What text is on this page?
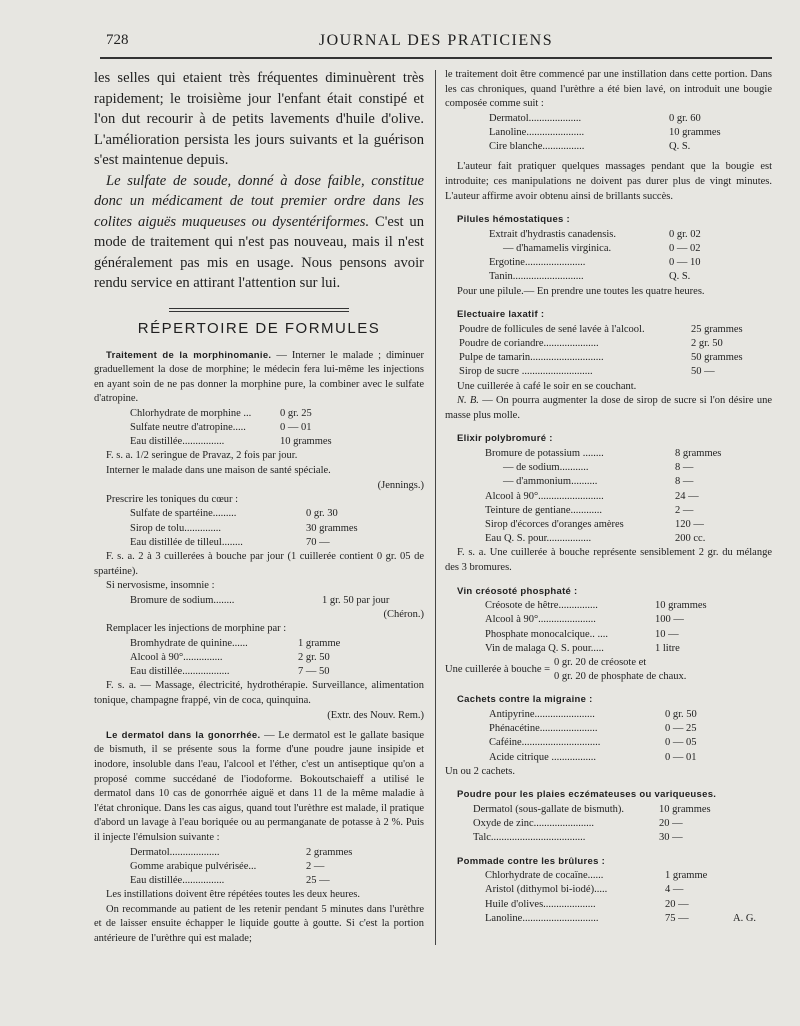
728	JOURNAL DES PRATICIENS

les selles qui etaient très fréquentes diminuèrent très rapidement; le troisième jour l'enfant était constipé et l'on dut recourir à de petits lavements d'huile d'olive. L'amélioration persista les jours suivants et la guérison s'est maintenue depuis.

Le sulfate de soude, donné à dose faible, constitue donc un médicament de tout premier ordre dans les colites aiguës muqueuses ou dysentériformes. C'est un mode de traitement qui n'est pas nouveau, mais il n'est généralement pas mis en usage. Nous pensons avoir rendu service en attirant l'attention sur lui.

RÉPERTOIRE DE FORMULES

Traitement de la morphinomanie. — Interner le malade ; diminuer graduellement la dose de morphine; le médecin fera lui-même les injections en ayant soin de ne pas donner la morphine pure, la combiner avec le sulfate d'atropine.

Chlorhydrate de morphine ...	0 gr. 25
Sulfate neutre d'atropine.....	0 — 01
Eau distillée................	10 grammes

F. s. a. 1/2 seringue de Pravaz, 2 fois par jour.

Interner le malade dans une maison de santé spéciale.

(Jennings.)

Prescrire les toniques du cœur :

Sulfate de spartéine.........	0 gr. 30
Sirop de tolu..............	30 grammes
Eau distillée de tilleul........	70 —

F. s. a. 2 à 3 cuillerées à bouche par jour (1 cuillerée contient 0 gr. 05 de spartéine).

Si nervosisme, insomnie :

Bromure de sodium........	1 gr. 50 par jour

(Chéron.)

Remplacer les injections de morphine par :

Bromhydrate de quinine......	1 gramme
Alcool à 90°...............	2 gr. 50
Eau distillée..................	7 — 50

F. s. a. — Massage, électricité, hydrothérapie. Surveillance, alimentation tonique, champagne frappé, vin de coca, quinquina.

(Extr. des Nouv. Rem.)

Le dermatol dans la gonorrhée. — Le dermatol est le gallate basique de bismuth, il se présente sous la forme d'une poudre jaune insipide et inodore, insoluble dans l'eau, l'alcool et l'éther, c'est un antiseptique qu'on a proposé comme succédané de l'iodoforme. Bokoutschaieff a utilisé le dermatol dans 10 cas de gonorrhée aiguë et dans 11 de la même maladie à l'état chronique. Dans les cas aigus, quand tout l'urèthre est malade, il pratique d'abord un lavage à l'eau boriquée ou au permanganate de potasse à 2 %. Puis il injecte l'émulsion suivante :

Dermatol...................	2 grammes
Gomme arabique pulvérisée...	2 —
Eau distillée................	25 —

Les instillations doivent être répétées toutes les deux heures.

On recommande au patient de les retenir pendant 5 minutes dans l'urèthre et de laisser ensuite échapper le liquide goutte à goutte. Si c'est la portion antérieure de l'urèthre qui est malade;

le traitement doit être commencé par une instillation dans cette portion. Dans les cas chroniques, quand l'urèthre a été bien lavé, on introduit une bougie composée comme suit :

Dermatol....................	0 gr. 60
Lanoline......................	10 grammes
Cire blanche................	Q. S.

L'auteur fait pratiquer quelques massages pendant que la bougie est introduite; ces manipulations ne doivent pas durer plus de vingt minutes. L'auteur affirme avoir obtenu ainsi de brillants succès.

Pilules hémostatiques :

Extrait d'hydrastis canadensis.	0 gr. 02
— d'hamamelis virginica.	0 — 02
Ergotine.......................	0 — 10
Tanin...........................	Q. S.

Pour une pilule.— En prendre une toutes les quatre heures.

Electuaire laxatif :

Poudre de follicules de sené lavée à l'alcool.	25 grammes
Poudre de coriandre.....................	2 gr. 50
Pulpe de tamarin............................	50 grammes
Sirop de sucre ...........................	50 —

Une cuillerée à café le soir en se couchant.

N. B. — On pourra augmenter la dose de sirop de sucre si l'on désire une masse plus molle.

Elixir polybromuré :

Bromure de potassium ........	8 grammes
— de sodium...........	8 —
— d'ammonium..........	8 —
Alcool à 90°.........................	24 —
Teinture de gentiane............	2 —
Sirop d'écorces d'oranges amères	120 —
Eau Q. S. pour.................	200 cc.

F. s. a. Une cuillerée à bouche représente sensiblement 2 gr. du mélange des 3 bromures.

Vin créosoté phosphaté :

Créosote de hêtre...............	10 grammes
Alcool à 90°......................	100 —
Phosphate monocalcique.. ....	10 —
Vin de malaga Q. S. pour.....	1 litre
Une cuillerée à bouche =
0 gr. 20 de créosote et
0 gr. 20 de phosphate de chaux.

Cachets contre la migraine :

Antipyrine.......................	0 gr. 50
Phénacétine......................	0 — 25
Caféine..............................	0 — 05
Acide citrique .................	0 — 01

Un ou 2 cachets.

Poudre pour les plaies eczémateuses ou variqueuses.

Dermatol (sous-gallate de bismuth).	10 grammes
Oxyde de zinc.......................	20 —
Talc....................................	30 —

Pommade contre les brûlures :

Chlorhydrate de cocaïne......	1 gramme
Aristol (dithymol bi-iodé).....	4 —
Huile d'olives....................	20 —
Lanoline.............................	75 —	A. G.
